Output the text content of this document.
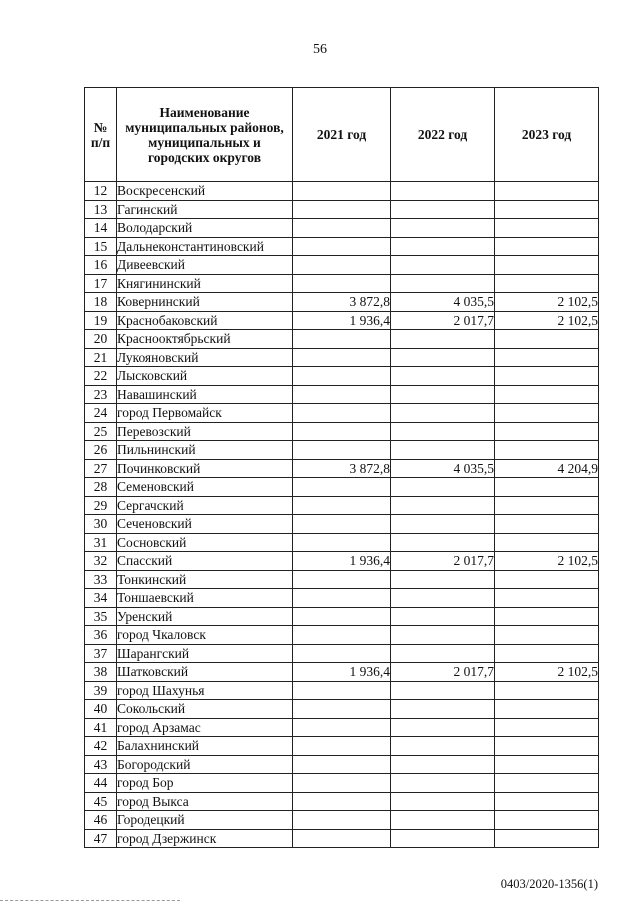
56
№
п/п	Наименование муниципальных районов, муниципальных и городских округов	2021 год	2022 год	2023 год
12	Воскресенский			
13	Гагинский			
14	Володарский			
15	Дальнеконстантиновский			
16	Дивеевский			
17	Княгининский			
18	Ковернинский	3 872,8	4 035,5	2 102,5
19	Краснобаковский	1 936,4	2 017,7	2 102,5
20	Краснооктябрьский			
21	Лукояновский			
22	Лысковский			
23	Навашинский			
24	город Первомайск			
25	Перевозский			
26	Пильнинский			
27	Починковский	3 872,8	4 035,5	4 204,9
28	Семеновский			
29	Сергачский			
30	Сеченовский			
31	Сосновский			
32	Спасский	1 936,4	2 017,7	2 102,5
33	Тонкинский			
34	Тоншаевский			
35	Уренский			
36	город Чкаловск			
37	Шарангский			
38	Шатковский	1 936,4	2 017,7	2 102,5
39	город Шахунья			
40	Сокольский			
41	город Арзамас			
42	Балахнинский			
43	Богородский			
44	город Бор			
45	город Выкса			
46	Городецкий			
47	город Дзержинск			
0403/2020-1356(1)
